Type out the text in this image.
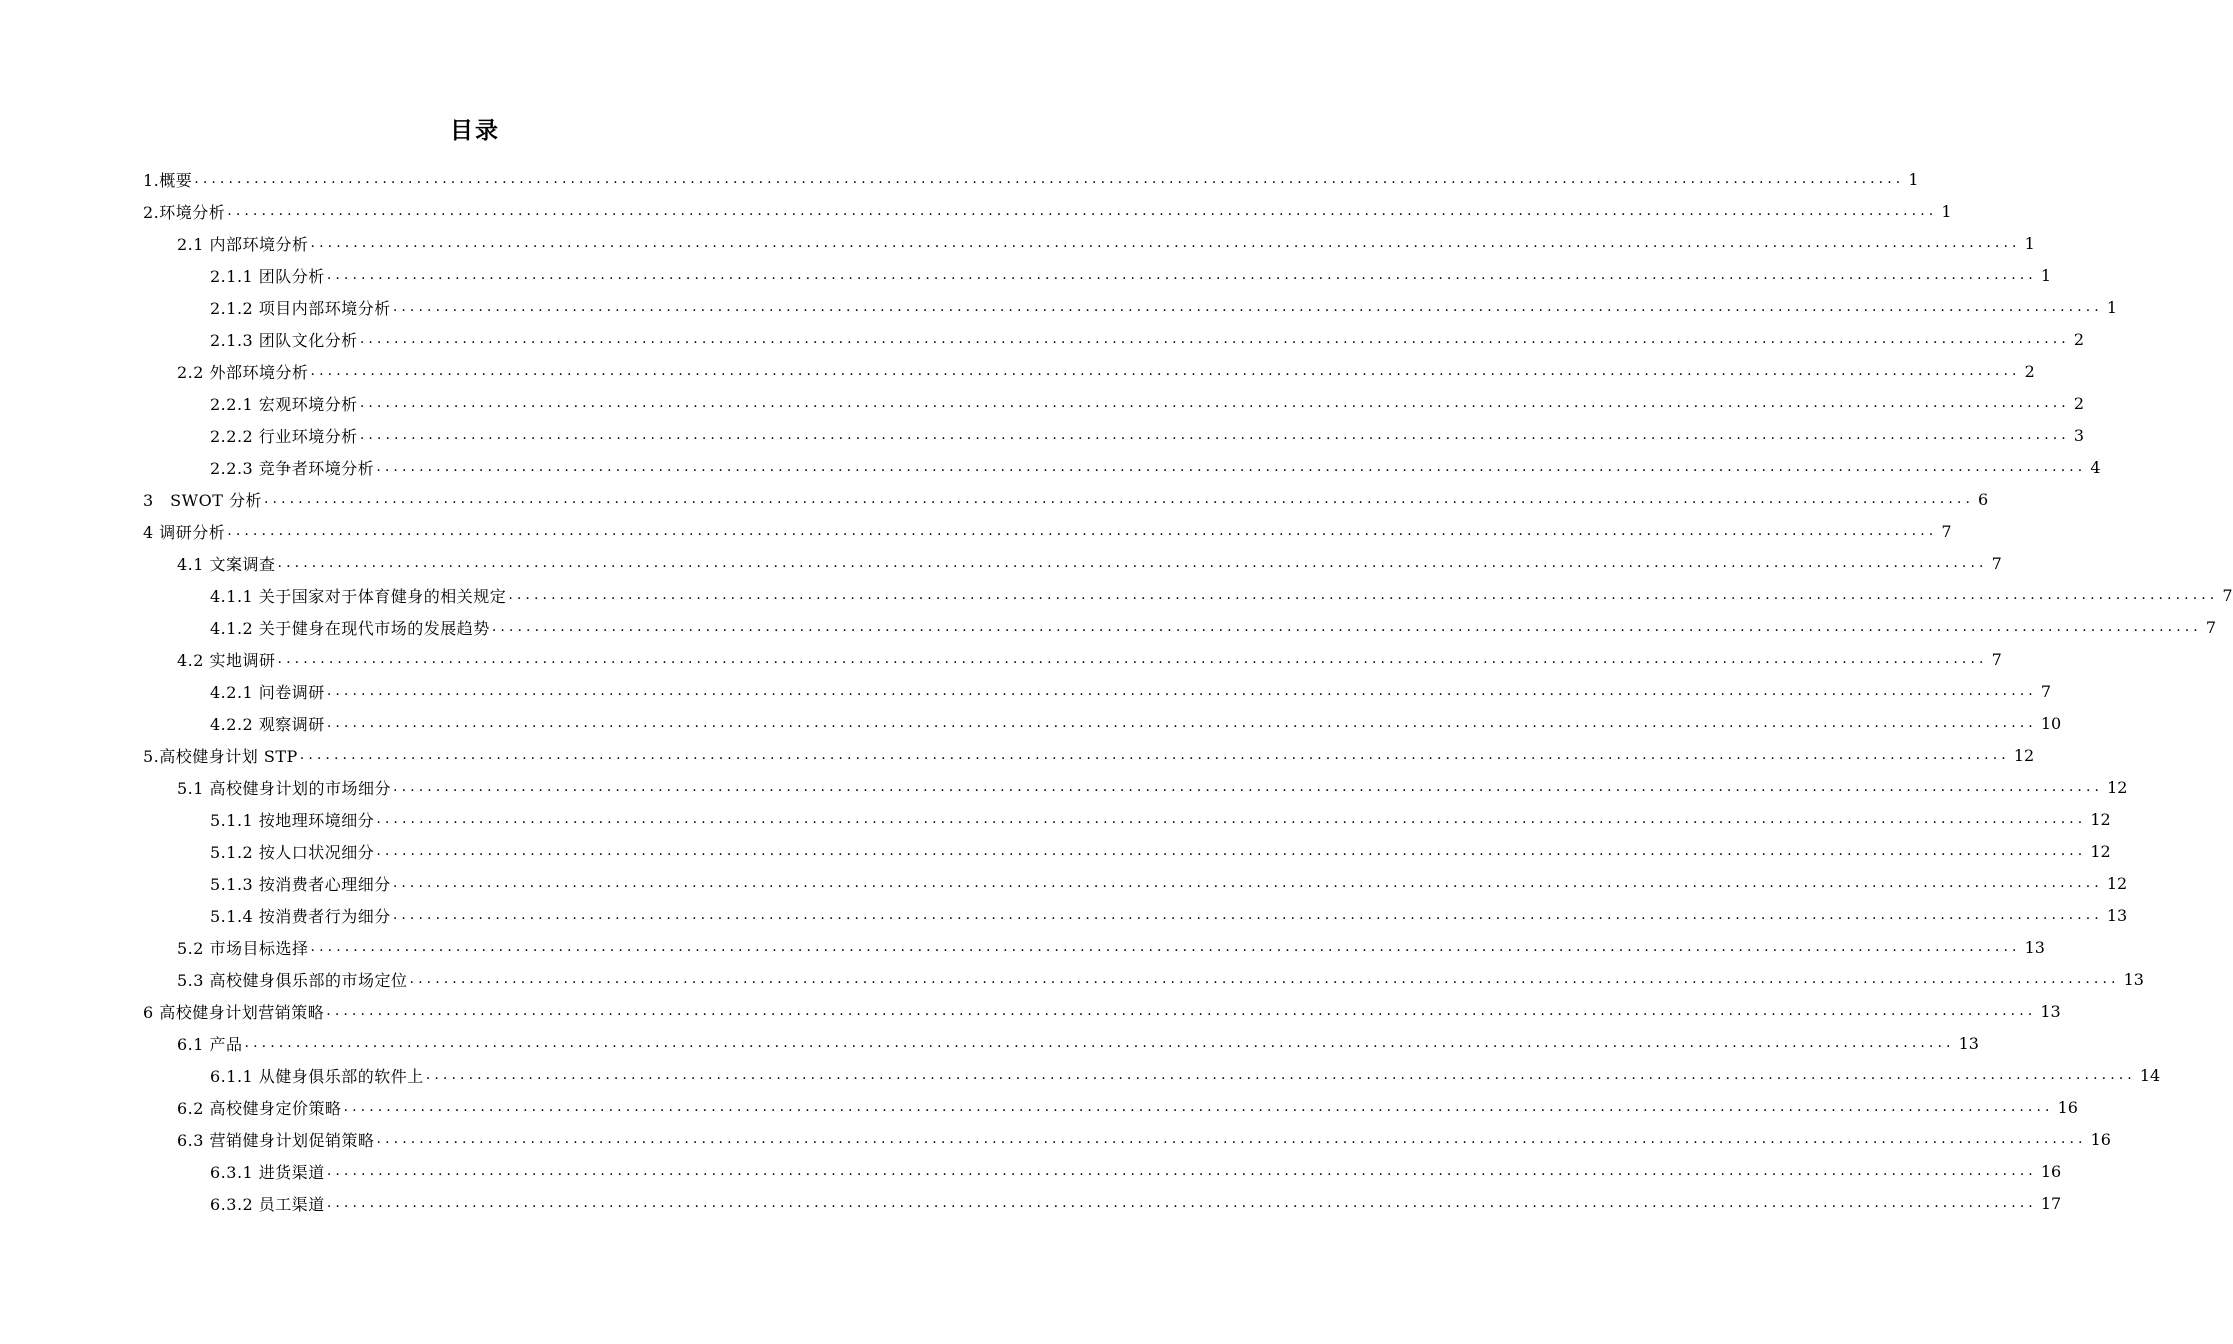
目录
1.概要 ........................................................................................................................................................................................................ 1
2.环境分析 ........................................................................................................................................................................................................ 1
2.1 内部环境分析 ........................................................................................................................................................................................................ 1
2.1.1 团队分析 ........................................................................................................................................................................................................ 1
2.1.2 项目内部环境分析 ........................................................................................................................................................................................................ 1
2.1.3 团队文化分析 ........................................................................................................................................................................................................ 2
2.2 外部环境分析 ........................................................................................................................................................................................................ 2
2.2.1 宏观环境分析 ........................................................................................................................................................................................................ 2
2.2.2 行业环境分析 ........................................................................................................................................................................................................ 3
2.2.3 竞争者环境分析 ........................................................................................................................................................................................................ 4
3　SWOT 分析 ........................................................................................................................................................................................................ 6
4 调研分析 ........................................................................................................................................................................................................ 7
4.1 文案调查 ........................................................................................................................................................................................................ 7
4.1.1 关于国家对于体育健身的相关规定 ........................................................................................................................................................................................................ 7
4.1.2 关于健身在现代市场的发展趋势 ........................................................................................................................................................................................................ 7
4.2 实地调研 ........................................................................................................................................................................................................ 7
4.2.1 问卷调研 ........................................................................................................................................................................................................ 7
4.2.2 观察调研 ........................................................................................................................................................................................................ 10
5.高校健身计划 STP ........................................................................................................................................................................................................ 12
5.1 高校健身计划的市场细分 ........................................................................................................................................................................................................ 12
5.1.1 按地理环境细分 ........................................................................................................................................................................................................ 12
5.1.2 按人口状况细分 ........................................................................................................................................................................................................ 12
5.1.3 按消费者心理细分 ........................................................................................................................................................................................................ 12
5.1.4 按消费者行为细分 ........................................................................................................................................................................................................ 13
5.2 市场目标选择 ........................................................................................................................................................................................................ 13
5.3 高校健身俱乐部的市场定位 ........................................................................................................................................................................................................ 13
6 高校健身计划营销策略 ........................................................................................................................................................................................................ 13
6.1 产品 ........................................................................................................................................................................................................ 13
6.1.1 从健身俱乐部的软件上 ........................................................................................................................................................................................................ 14
6.2 高校健身定价策略 ........................................................................................................................................................................................................ 16
6.3 营销健身计划促销策略 ........................................................................................................................................................................................................ 16
6.3.1 进货渠道 ........................................................................................................................................................................................................ 16
6.3.2 员工渠道 ........................................................................................................................................................................................................ 17
